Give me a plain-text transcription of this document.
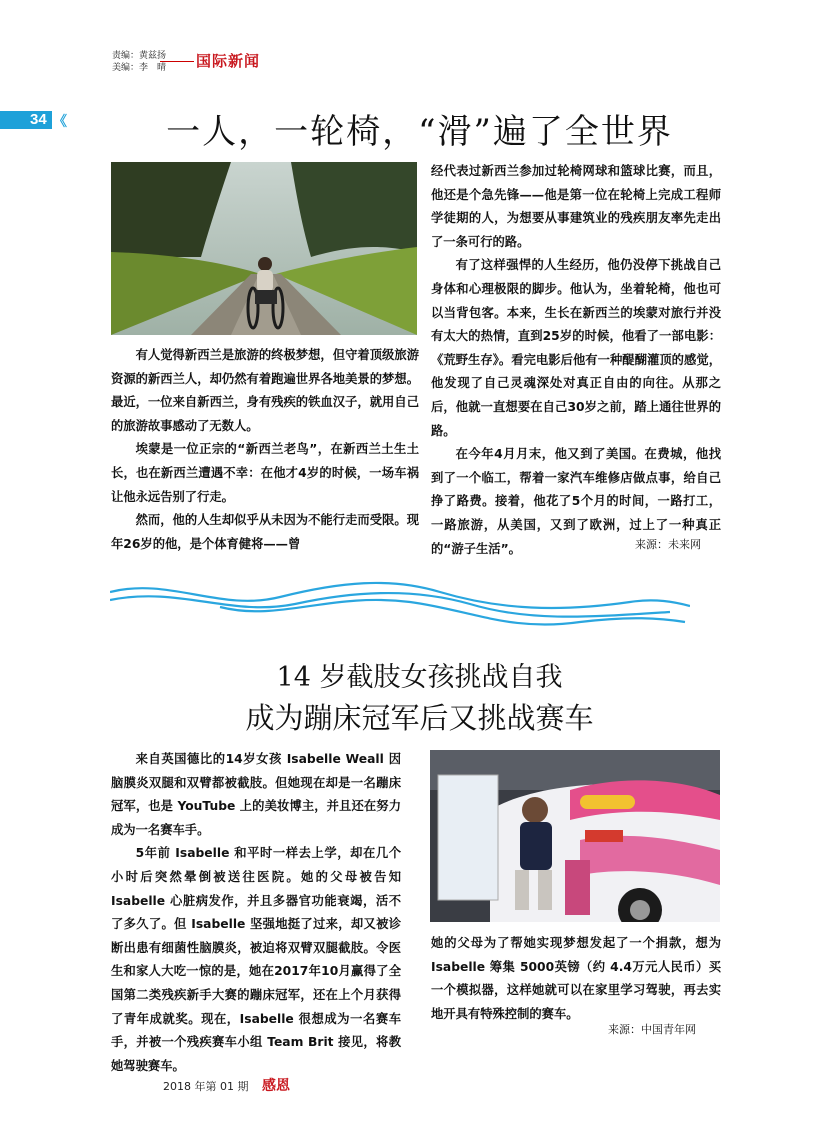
责编：黄兹扬
美编：李　晴 国际新闻
34 《	一人，一轮椅，“滑”遍了全世界

有人觉得新西兰是旅游的终极梦想，但守着顶级旅游资源的新西兰人，却仍然有着跑遍世界各地美景的梦想。最近，一位来自新西兰，身有残疾的铁血汉子，就用自己的旅游故事感动了无数人。

埃蒙是一位正宗的“新西兰老鸟”，在新西兰土生土长，也在新西兰遭遇不幸：在他才4岁的时候，一场车祸让他永远告别了行走。

然而，他的人生却似乎从未因为不能行走而受限。现年26岁的他，是个体育健将——曾

经代表过新西兰参加过轮椅网球和篮球比赛，而且，他还是个急先锋——他是第一位在轮椅上完成工程师学徒期的人，为想要从事建筑业的残疾朋友率先走出了一条可行的路。

有了这样强悍的人生经历，他仍没停下挑战自己身体和心理极限的脚步。他认为，坐着轮椅，他也可以当背包客。本来，生长在新西兰的埃蒙对旅行并没有太大的热情，直到25岁的时候，他看了一部电影：《荒野生存》。看完电影后他有一种醍醐灌顶的感觉，他发现了自己灵魂深处对真正自由的向往。从那之后，他就一直想要在自己30岁之前，踏上通往世界的路。

在今年4月月末，他又到了美国。在费城，他找到了一个临工，帮着一家汽车维修店做点事，给自己挣了路费。接着，他花了5个月的时间，一路打工，一路旅游，从美国，又到了欧洲，过上了一种真正的“游子生活”。	来源：未来网
14 岁截肢女孩挑战自我
成为蹦床冠军后又挑战赛车

来自英国德比的14岁女孩 Isabelle Weall 因脑膜炎双腿和双臂都被截肢。但她现在却是一名蹦床冠军，也是 YouTube 上的美妆博主，并且还在努力成为一名赛车手。

5年前 Isabelle 和平时一样去上学，却在几个小时后突然晕倒被送往医院。她的父母被告知 Isabelle 心脏病发作，并且多器官功能衰竭，活不了多久了。但 Isabelle 坚强地挺了过来，却又被诊断出患有细菌性脑膜炎，被迫将双臂双腿截肢。令医生和家人大吃一惊的是，她在2017年10月赢得了全国第二类残疾新手大赛的蹦床冠军，还在上个月获得了青年成就奖。现在，Isabelle 很想成为一名赛车手，并被一个残疾赛车小组 Team Brit 接见，将教她驾驶赛车。

她的父母为了帮她实现梦想发起了一个捐款，想为 Isabelle 筹集 5000英镑（约 4.4万元人民币）买一个模拟器，这样她就可以在家里学习驾驶，再去实地开具有特殊控制的赛车。

来源：中国青年网
2018 年第 01 期 感恩
